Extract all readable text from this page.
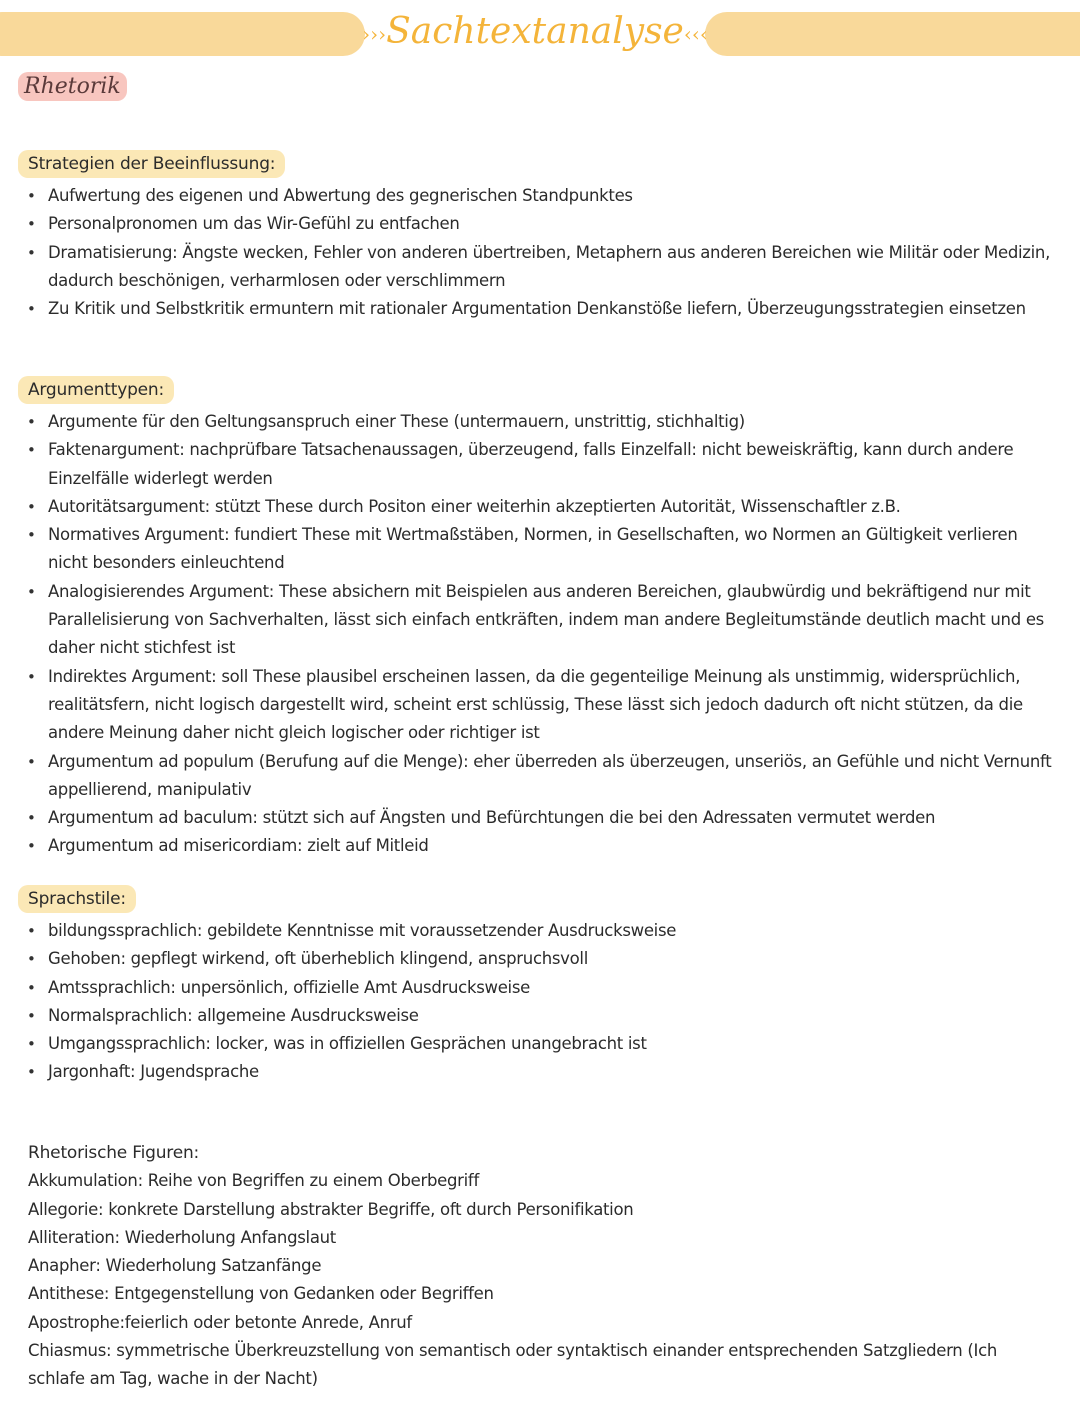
›››Sachtextanalyse‹‹‹
Rhetorik
Strategien der Beeinflussung:
• Aufwertung des eigenen und Abwertung des gegnerischen Standpunktes
• Personalpronomen um das Wir-Gefühl zu entfachen
• Dramatisierung: Ängste wecken, Fehler von anderen übertreiben, Metaphern aus anderen Bereichen wie Militär oder Medizin, dadurch beschönigen, verharmlosen oder verschlimmern
• Zu Kritik und Selbstkritik ermuntern mit rationaler Argumentation Denkanstöße liefern, Überzeugungsstrategien einsetzen
Argumenttypen:
• Argumente für den Geltungsanspruch einer These (untermauern, unstrittig, stichhaltig)
• Faktenargument: nachprüfbare Tatsachenaussagen, überzeugend, falls Einzelfall: nicht beweiskräftig, kann durch andere Einzelfälle widerlegt werden
• Autoritätsargument: stützt These durch Positon einer weiterhin akzeptierten Autorität, Wissenschaftler z.B.
• Normatives Argument: fundiert These mit Wertmaßstäben, Normen, in Gesellschaften, wo Normen an Gültigkeit verlieren nicht besonders einleuchtend
• Analogisierendes Argument: These absichern mit Beispielen aus anderen Bereichen, glaubwürdig und bekräftigend nur mit Parallelisierung von Sachverhalten, lässt sich einfach entkräften, indem man andere Begleitumstände deutlich macht und es daher nicht stichfest ist
• Indirektes Argument: soll These plausibel erscheinen lassen, da die gegenteilige Meinung als unstimmig, widersprüchlich, realitätsfern, nicht logisch dargestellt wird, scheint erst schlüssig, These lässt sich jedoch dadurch oft nicht stützen, da die andere Meinung daher nicht gleich logischer oder richtiger ist
• Argumentum ad populum (Berufung auf die Menge): eher überreden als überzeugen, unseriös, an Gefühle und nicht Vernunft appellierend, manipulativ
• Argumentum ad baculum: stützt sich auf Ängsten und Befürchtungen die bei den Adressaten vermutet werden
• Argumentum ad misericordiam: zielt auf Mitleid
Sprachstile:
• bildungssprachlich: gebildete Kenntnisse mit voraussetzender Ausdrucksweise
• Gehoben: gepflegt wirkend, oft überheblich klingend, anspruchsvoll
• Amtssprachlich: unpersönlich, offizielle Amt Ausdrucksweise
• Normalsprachlich: allgemeine Ausdrucksweise
• Umgangssprachlich: locker, was in offiziellen Gesprächen unangebracht ist
• Jargonhaft: Jugendsprache
Rhetorische Figuren:
Akkumulation: Reihe von Begriffen zu einem Oberbegriff
Allegorie: konkrete Darstellung abstrakter Begriffe, oft durch Personifikation
Alliteration: Wiederholung Anfangslaut
Anapher: Wiederholung Satzanfänge
Antithese: Entgegenstellung von Gedanken oder Begriffen
Apostrophe:feierlich oder betonte Anrede, Anruf
Chiasmus: symmetrische Überkreuzstellung von semantisch oder syntaktisch einander entsprechenden Satzgliedern (Ich schlafe am Tag, wache in der Nacht)
